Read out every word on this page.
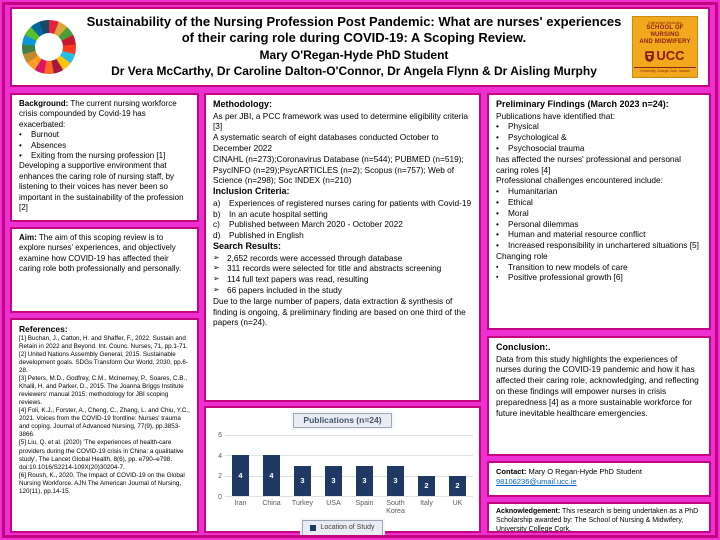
Sustainability of the Nursing Profession Post Pandemic: What are nurses' experiences of their caring role during COVID-19: A Scoping Review.
Mary O'Regan-Hyde PhD Student
Dr Vera McCarthy, Dr Caroline Dalton-O'Connor, Dr Angela Flynn & Dr Aisling Murphy
Catherine McAuley
SCHOOL OF NURSING
AND MIDWIFERY
UCC
University College Cork, Ireland
Background: The current nursing workforce crisis compounded by Covid-19 has exacerbated:
•	Burnout
•	Absences
•	Exiting from the nursing profession [1]
Developing a supportive environment that enhances the caring role of nursing staff, by listening to their voices has never been so important in the sustainability of the profession [2]
Aim: The aim of this scoping review is to explore nurses' experiences, and objectively examine how COVID-19 has affected their caring role both professionally and personally.
References:
[1] Buchan, J., Catton, H. and Shaffer, F., 2022. Sustain and Retain in 2022 and Beyond. Int. Counc. Nurses, 71, pp.1-71.
[2] United Nations Assembly General, 2015. Sustainable development goals. SDGs Transform Our World, 2030, pp.6-28.
[3] Peters, M.D., Godfrey, C.M., McInerney, P., Soares, C.B., Khalil, H. and Parker, D., 2015. The Joanna Briggs Institute reviewers' manual 2015: methodology for JBI scoping reviews.
[4] Foli, K.J., Forster, A., Cheng, C., Zhang, L. and Chiu, Y.C., 2021. Voices from the COVID-19 frontline: Nurses' trauma and coping. Journal of Advanced Nursing, 77(9), pp.3853-3866.
[5] Liu, Q. et al. (2020) 'The experiences of health-care providers during the COVID-19 crisis in China: a qualitative study', The Lancet Global Health, 8(6), pp. e790–e798. doi:10.1016/S2214-109X(20)30204-7.
[6] Roush, K., 2020. The Impact of COVID-19 on the Global Nursing Workforce. AJN The American Journal of Nursing, 120(11), pp.14-15.
Methodology:
As per JBI, a PCC framework was used to determine eligibility criteria [3]
A systematic search of eight databases conducted October to December 2022
CINAHL (n=273);Coronavirus Database (n=544); PUBMED (n=519); PsycINFO (n=29);PsycARTICLES (n=2); Scopus (n=757); Web of Science (n=298); Soc INDEX (n=210)
Inclusion Criteria:
a)	Experiences of registered nurses caring for patients with Covid-19
b)	In an acute hospital setting
c)	Published between March 2020 - October 2022
d)	Published in English
Search Results:
➢ 2,652 records were accessed through database
➢ 311 records were selected for title and abstracts screening
➢ 114 full text papers was read, resulting
➢ 66 papers included in the study
Due to the large number of papers, data extraction & synthesis of finding is ongoing, & preliminary finding are based on one third of the papers (n=24).
Publications (n=24)
0
2
4
6
4	4
3	3	3	3
2	2
Iran	China	Turkey	USA	Spain	South Korea
Italy	UK
Location of Study
Preliminary Findings (March 2023 n=24):
Publications have identified that:
•	Physical
•	Psychological &
•	Psychosocial trauma
has affected the nurses' professional and personal caring roles [4]
Professional challenges encountered include:
•	Humanitarian
•	Ethical
•	Moral
•	Personal dilemmas
•	Human and material resource conflict
•	Increased responsibility in unchartered situations [5]
Changing role
▪	Transition to new models of care
▪	Positive professional growth [6]
Conclusion:.
Data from this study highlights the experiences of nurses during the COVID-19 pandemic and how it has affected their caring role, acknowledging, and reflecting on these findings will empower nurses in crisis preparedness [4] as a more sustainable workforce for future inevitable healthcare emergencies.
Contact: Mary O Regan-Hyde PhD Student 98106236@umail.ucc.ie
Acknowledgement: This research is being undertaken as a PhD Scholarship awarded by: The School of Nursing & Midwifery, University College Cork.
